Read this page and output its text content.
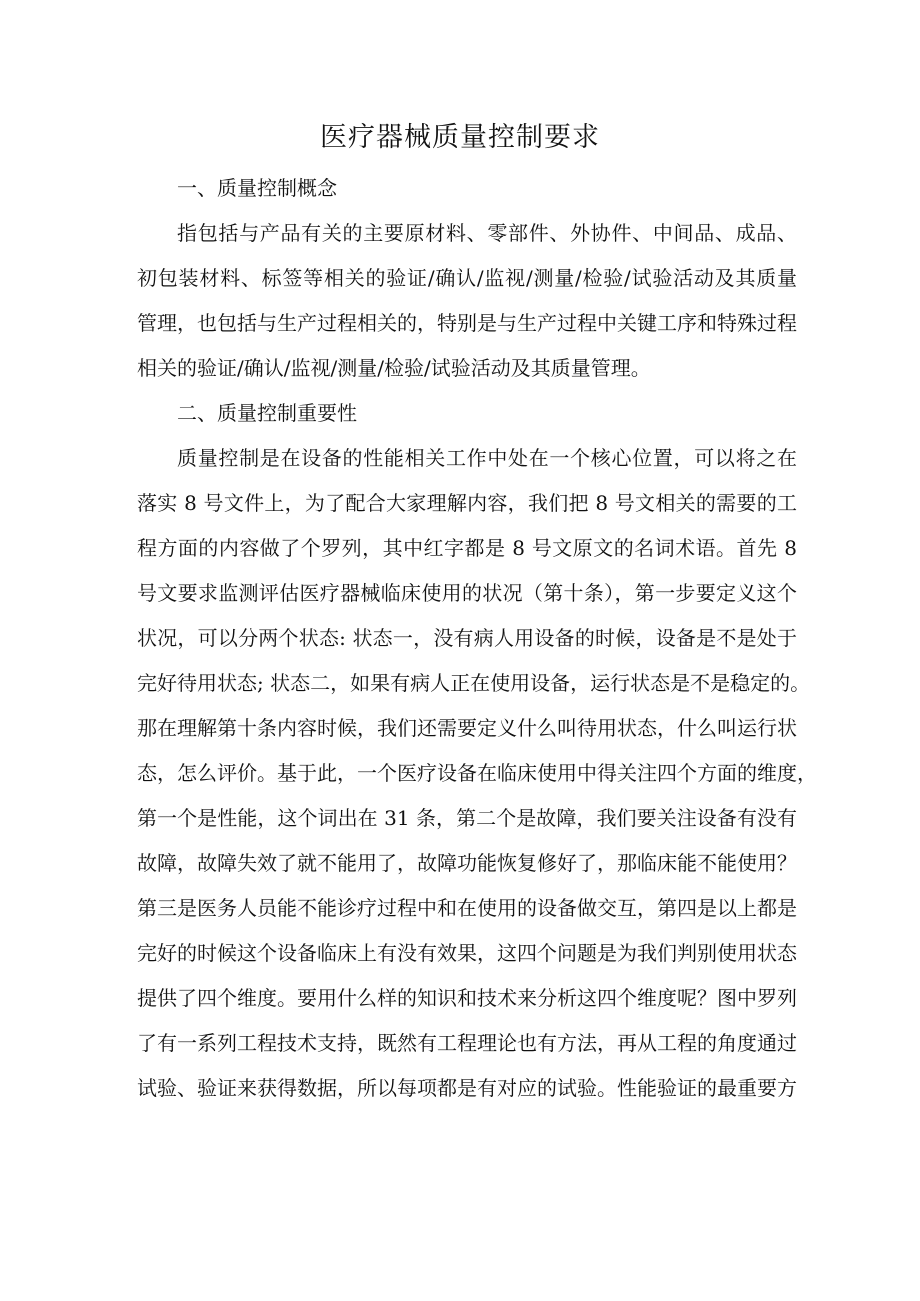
医疗器械质量控制要求
一、质量控制概念
指包括与产品有关的主要原材料、零部件、外协件、中间品、成品、
初包装材料、标签等相关的验证/确认/监视/测量/检验/试验活动及其质量
管理，也包括与生产过程相关的，特别是与生产过程中关键工序和特殊过程
相关的验证/确认/监视/测量/检验/试验活动及其质量管理。
二、质量控制重要性
质量控制是在设备的性能相关工作中处在一个核心位置，可以将之在
落实 8 号文件上，为了配合大家理解内容，我们把 8 号文相关的需要的工
程方面的内容做了个罗列，其中红字都是 8 号文原文的名词术语。首先 8
号文要求监测评估医疗器械临床使用的状况（第十条），第一步要定义这个
状况，可以分两个状态: 状态一，没有病人用设备的时候，设备是不是处于
完好待用状态; 状态二，如果有病人正在使用设备，运行状态是不是稳定的。
那在理解第十条内容时候，我们还需要定义什么叫待用状态，什么叫运行状
态，怎么评价。基于此，一个医疗设备在临床使用中得关注四个方面的维度，
第一个是性能，这个词出在 31 条，第二个是故障，我们要关注设备有没有
故障，故障失效了就不能用了，故障功能恢复修好了，那临床能不能使用？
第三是医务人员能不能诊疗过程中和在使用的设备做交互，第四是以上都是
完好的时候这个设备临床上有没有效果，这四个问题是为我们判别使用状态
提供了四个维度。要用什么样的知识和技术来分析这四个维度呢？图中罗列
了有一系列工程技术支持，既然有工程理论也有方法，再从工程的角度通过
试验、验证来获得数据，所以每项都是有对应的试验。性能验证的最重要方
